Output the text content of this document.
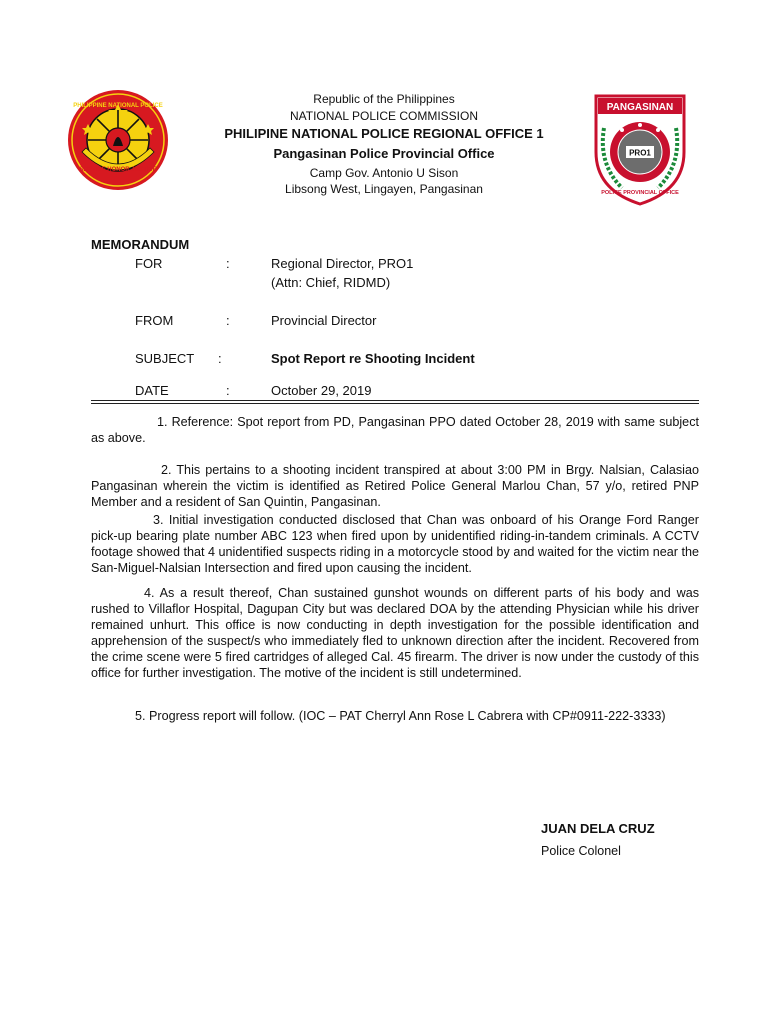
SERVICE HONOR JUSTICE
PHILIPPINE NATIONAL POLICE	PANGASINAN
PRO1
POLICE PROVINCIAL OFFICE
Republic of the Philippines
NATIONAL POLICE COMMISSION
PHILIPINE NATIONAL POLICE REGIONAL OFFICE 1
Pangasinan Police Provincial Office
Camp Gov. Antonio U Sison
Libsong West, Lingayen, Pangasinan
MEMORANDUM
FOR	:	Regional Director, PRO1
(Attn: Chief, RIDMD)
FROM	:	Provincial Director
SUBJECT :	Spot Report re Shooting Incident
DATE	:	October 29, 2019
1. Reference: Spot report from PD, Pangasinan PPO dated October 28, 2019 with same subject as above.
2. This pertains to a shooting incident transpired at about 3:00 PM in Brgy. Nalsian, Calasiao Pangasinan wherein the victim is identified as Retired Police General Marlou Chan, 57 y/o, retired PNP Member and a resident of San Quintin, Pangasinan.
3. Initial investigation conducted disclosed that Chan was onboard of his Orange Ford Ranger pick-up bearing plate number ABC 123 when fired upon by unidentified riding-in-tandem criminals. A CCTV footage showed that 4 unidentified suspects riding in a motorcycle stood by and waited for the victim near the San-Miguel-Nalsian Intersection and fired upon causing the incident.
4. As a result thereof, Chan sustained gunshot wounds on different parts of his body and was rushed to Villaflor Hospital, Dagupan City but was declared DOA by the attending Physician while his driver remained unhurt. This office is now conducting in depth investigation for the possible identification and apprehension of the suspect/s who immediately fled to unknown direction after the incident. Recovered from the crime scene were 5 fired cartridges of alleged Cal. 45 firearm. The driver is now under the custody of this office for further investigation. The motive of the incident is still undetermined.
5. Progress report will follow. (IOC – PAT Cherryl Ann Rose L Cabrera with CP#0911-222-3333)
JUAN DELA CRUZ
Police Colonel
